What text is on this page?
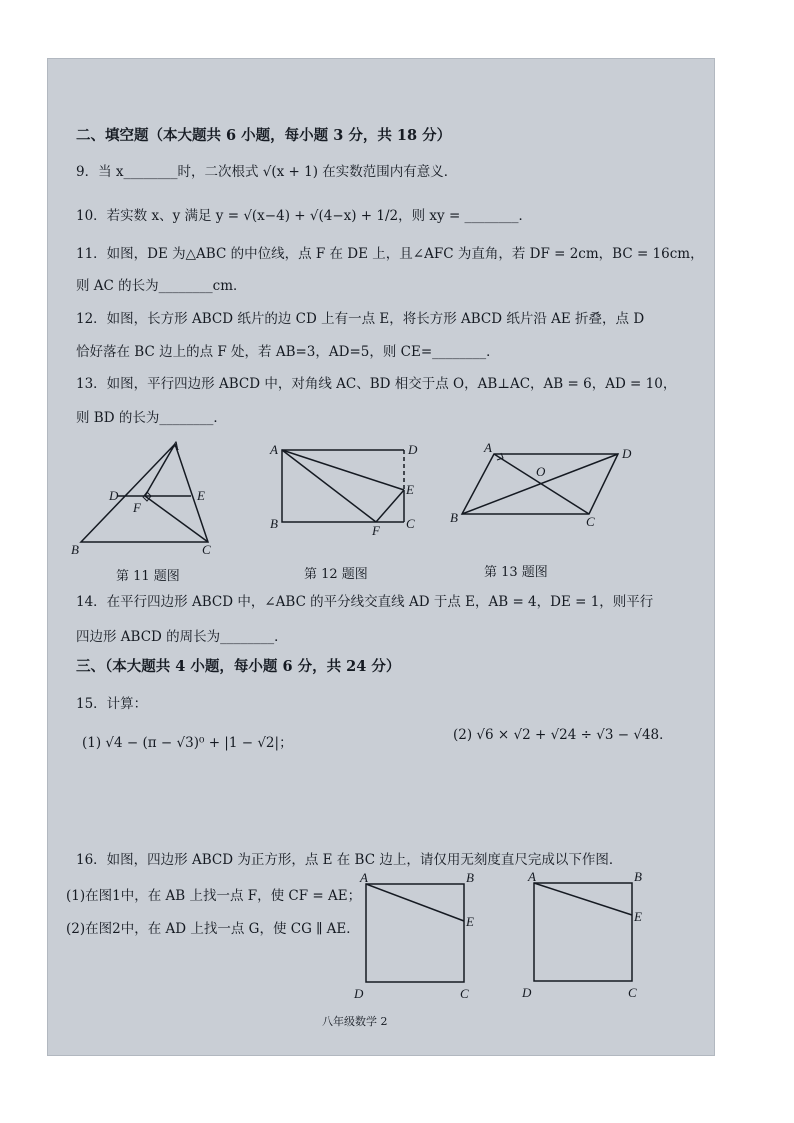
二、填空题（本大题共 6 小题，每小题 3 分，共 18 分）
9．当 x________时，二次根式 √(x + 1) 在实数范围内有意义．
10．若实数 x、y 满足 y = √(x−4) + √(4−x) + 1/2，则 xy = ________．
11．如图，DE 为△ABC 的中位线，点 F 在 DE 上，且∠AFC 为直角，若 DF = 2cm，BC = 16cm，
则 AC 的长为________cm．
12．如图，长方形 ABCD 纸片的边 CD 上有一点 E，将长方形 ABCD 纸片沿 AE 折叠，点 D
恰好落在 BC 边上的点 F 处，若 AB=3，AD=5，则 CE=________．
13．如图，平行四边形 ABCD 中，对角线 AC、BD 相交于点 O，AB⊥AC，AB = 6，AD = 10，
则 BD 的长为________．
A
D	E
F
B	C
第 11 题图
A	D
E
B	F C
第 12 题图
A	D
O
B	C
第 13 题图
14．在平行四边形 ABCD 中，∠ABC 的平分线交直线 AD 于点 E，AB = 4，DE = 1，则平行
四边形 ABCD 的周长为________．
三、（本大题共 4 小题，每小题 6 分，共 24 分）
15．计算：
(1) √4 − (π − √3)⁰ + |1 − √2|；	(2) √6 × √2 + √24 ÷ √3 − √48．
16．如图，四边形 ABCD 为正方形，点 E 在 BC 边上，请仅用无刻度直尺完成以下作图．
(1)在图1中，在 AB 上找一点 F，使 CF = AE；
(2)在图2中，在 AD 上找一点 G，使 CG ∥ AE．
A	B
E
D	C
A	B
E
D	C
八年级数学 2
